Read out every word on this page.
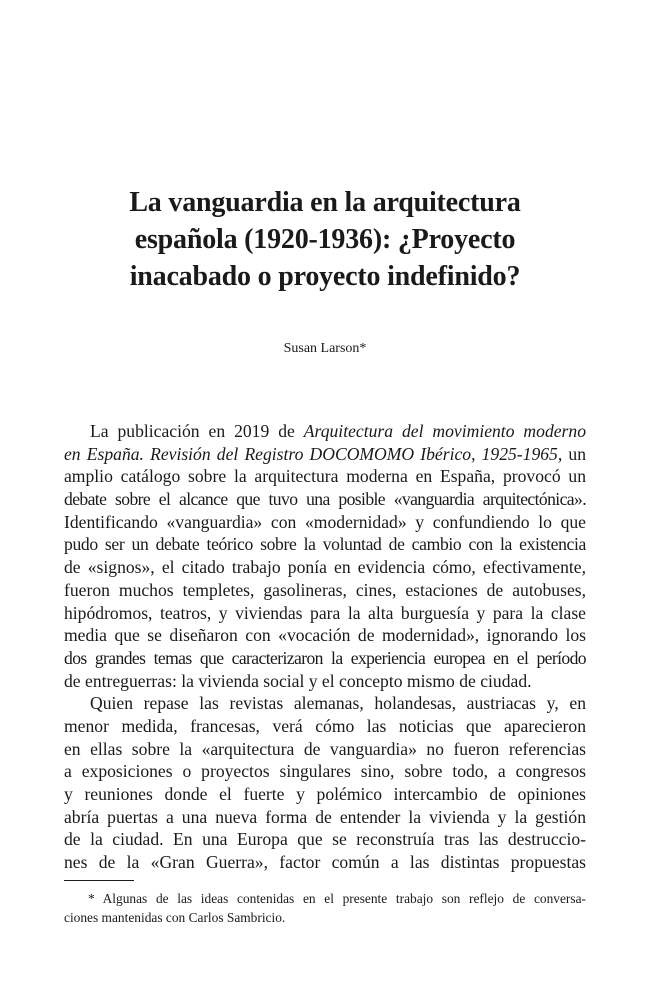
La vanguardia en la arquitectura
española (1920-1936): ¿Proyecto
inacabado o proyecto indefinido?
Susan Larson*
La publicación en 2019 de Arquitectura del movimiento moderno
en España. Revisión del Registro DOCOMOMO Ibérico, 1925-1965, un
amplio catálogo sobre la arquitectura moderna en España, provocó un
debate sobre el alcance que tuvo una posible «vanguardia arquitectónica».
Identificando «vanguardia» con «modernidad» y confundiendo lo que
pudo ser un debate teórico sobre la voluntad de cambio con la existencia
de «signos», el citado trabajo ponía en evidencia cómo, efectivamente,
fueron muchos templetes, gasolineras, cines, estaciones de autobuses,
hipódromos, teatros, y viviendas para la alta burguesía y para la clase
media que se diseñaron con «vocación de modernidad», ignorando los
dos grandes temas que caracterizaron la experiencia europea en el período
de entreguerras: la vivienda social y el concepto mismo de ciudad.
Quien repase las revistas alemanas, holandesas, austriacas y, en
menor medida, francesas, verá cómo las noticias que aparecieron
en ellas sobre la «arquitectura de vanguardia» no fueron referencias
a exposiciones o proyectos singulares sino, sobre todo, a congresos
y reuniones donde el fuerte y polémico intercambio de opiniones
abría puertas a una nueva forma de entender la vivienda y la gestión
de la ciudad. En una Europa que se reconstruía tras las destruccio-
nes de la «Gran Guerra», factor común a las distintas propuestas
* Algunas de las ideas contenidas en el presente trabajo son reflejo de conversa-
ciones mantenidas con Carlos Sambricio.
